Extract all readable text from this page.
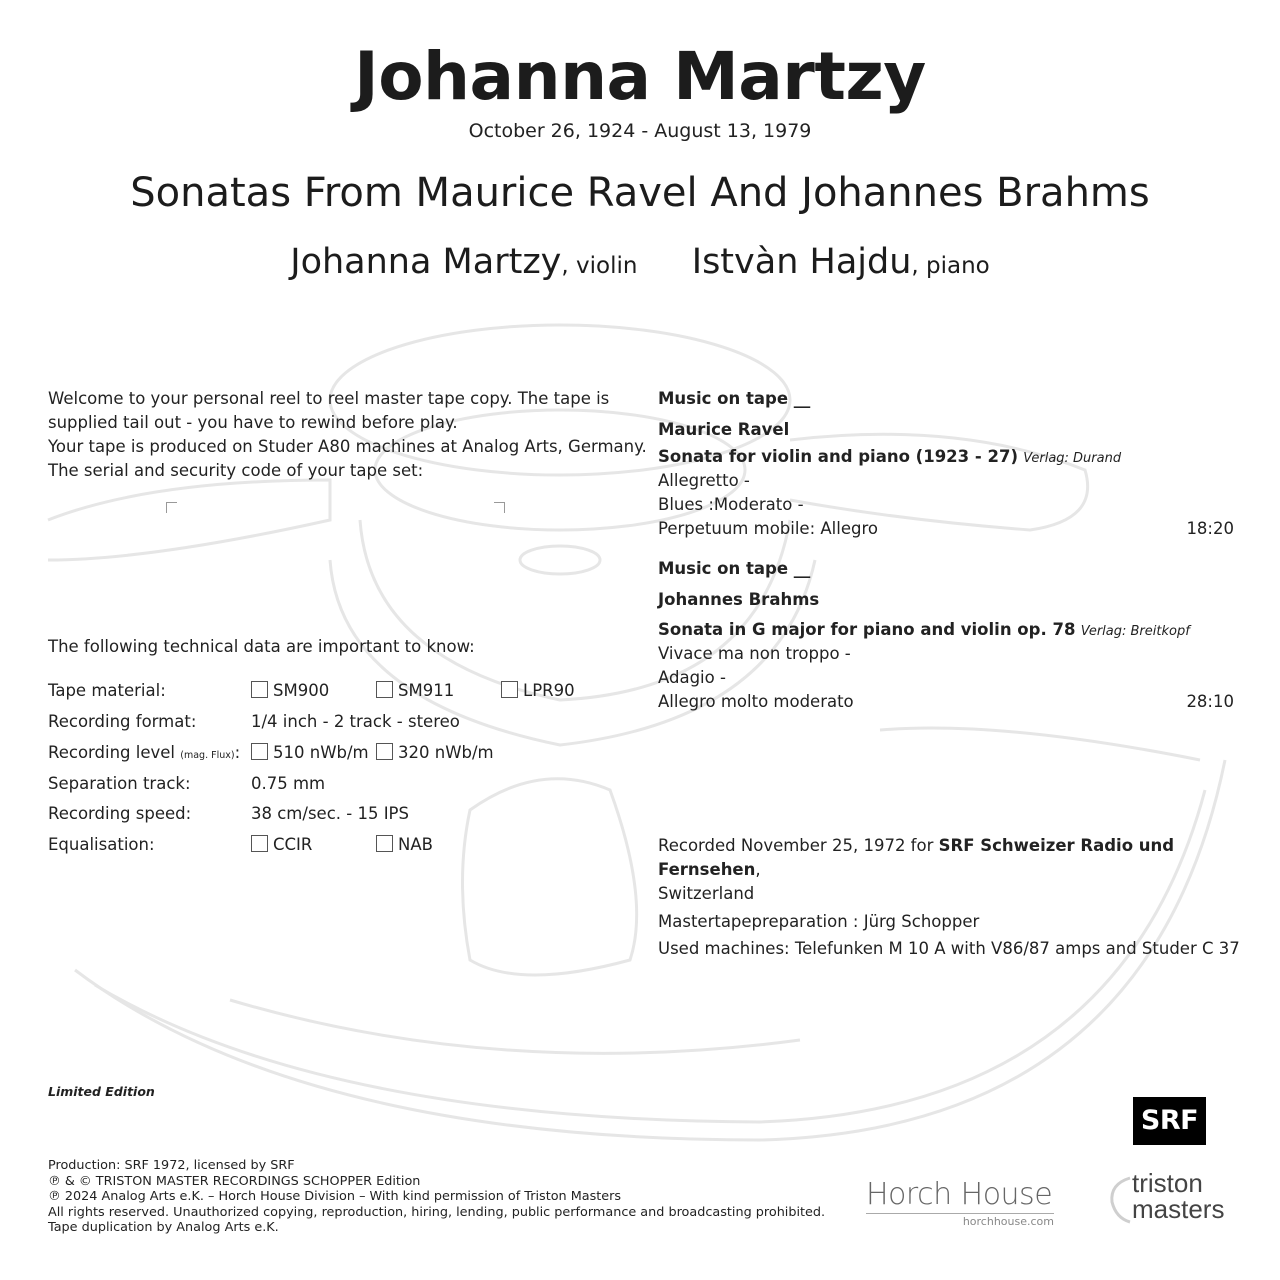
Johanna Martzy
October 26, 1924 - August 13, 1979
Sonatas From Maurice Ravel And Johannes Brahms
Johanna Martzy, violin Istvàn Hajdu, piano
Welcome to your personal reel to reel master tape copy. The tape is
supplied tail out - you have to rewind before play.
Your tape is produced on Studer A80 machines at Analog Arts, Germany.
The serial and security code of your tape set:
The following technical data are important to know:
Tape material:	SM900	SM911	LPR90
Recording format:	1/4 inch - 2 track - stereo
Recording level (mag. Flux):	510 nWb/m	320 nWb/m
Separation track:	0.75 mm
Recording speed:	38 cm/sec. - 15 IPS
Equalisation:	CCIR	NAB
Music on tape __
Maurice Ravel
Sonata for violin and piano (1923 - 27) Verlag: Durand
Allegretto -
Blues :Moderato -
Perpetuum mobile: Allegro	18:20
Music on tape __
Johannes Brahms
Sonata in G major for piano and violin op. 78 Verlag: Breitkopf
Vivace ma non troppo -
Adagio -
Allegro molto moderato	28:10
Recorded November 25, 1972 for SRF Schweizer Radio und Fernsehen,
Switzerland
Mastertapepreparation : Jürg Schopper
Used machines: Telefunken M 10 A with V86/87 amps and Studer C 37
Limited Edition
Production: SRF 1972, licensed by SRF
℗ & © TRISTON MASTER RECORDINGS SCHOPPER Edition
℗ 2024 Analog Arts e.K. – Horch House Division – With kind permission of Triston Masters
All rights reserved. Unauthorized copying, reproduction, hiring, lending, public performance and broadcasting prohibited.
Tape duplication by Analog Arts e.K.
SRF
Horch House
horchhouse.com
triston
masters
